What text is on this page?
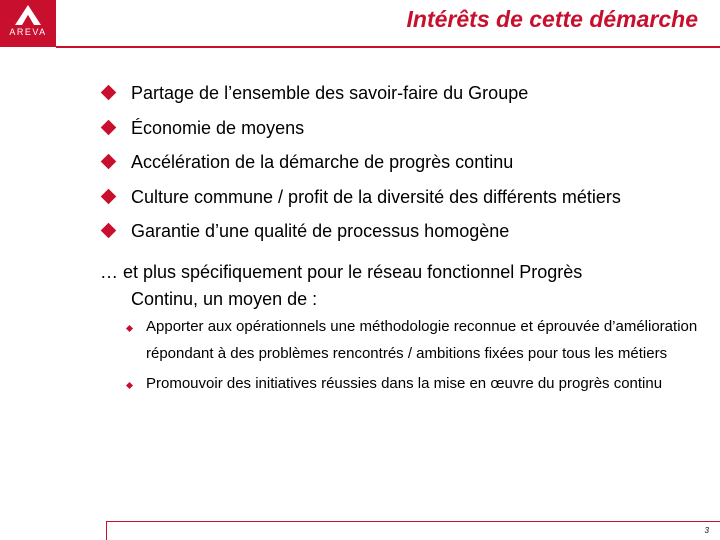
AREVA	Intérêts de cette démarche
Partage de l’ensemble des savoir-faire du Groupe
Économie de moyens
Accélération de la démarche de progrès continu
Culture commune / profit de la diversité des différents métiers
Garantie d’une qualité de processus homogène
… et plus spécifiquement pour le réseau fonctionnel Progrès
Continu, un moyen de :
Apporter aux opérationnels une méthodologie reconnue et éprouvée d’amélioration répondant à des problèmes rencontrés / ambitions fixées pour tous les métiers
Promouvoir des initiatives réussies dans la mise en œuvre du progrès continu
3
